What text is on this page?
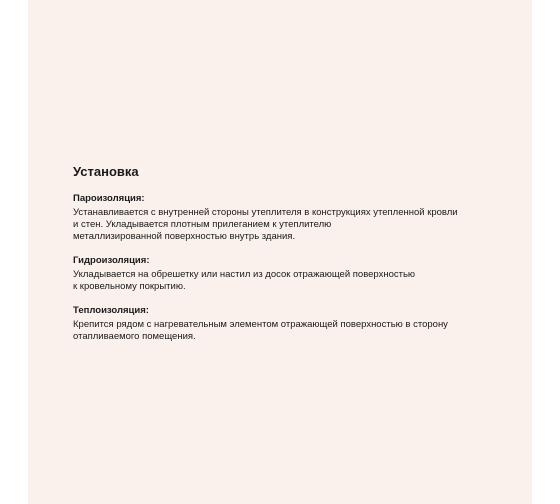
Установка
Пароизоляция:

Устанавливается с внутренней стороны утеплителя в конструкциях утепленной кровли
и стен. Укладывается плотным прилеганием к утеплителю
металлизированной поверхностью внутрь здания.

Гидроизоляция:

Укладывается на обрешетку или настил из досок отражающей поверхностью
к кровельному покрытию.

Теплоизоляция:

Крепится рядом с нагревательным элементом отражающей поверхностью в сторону
отапливаемого помещения.
